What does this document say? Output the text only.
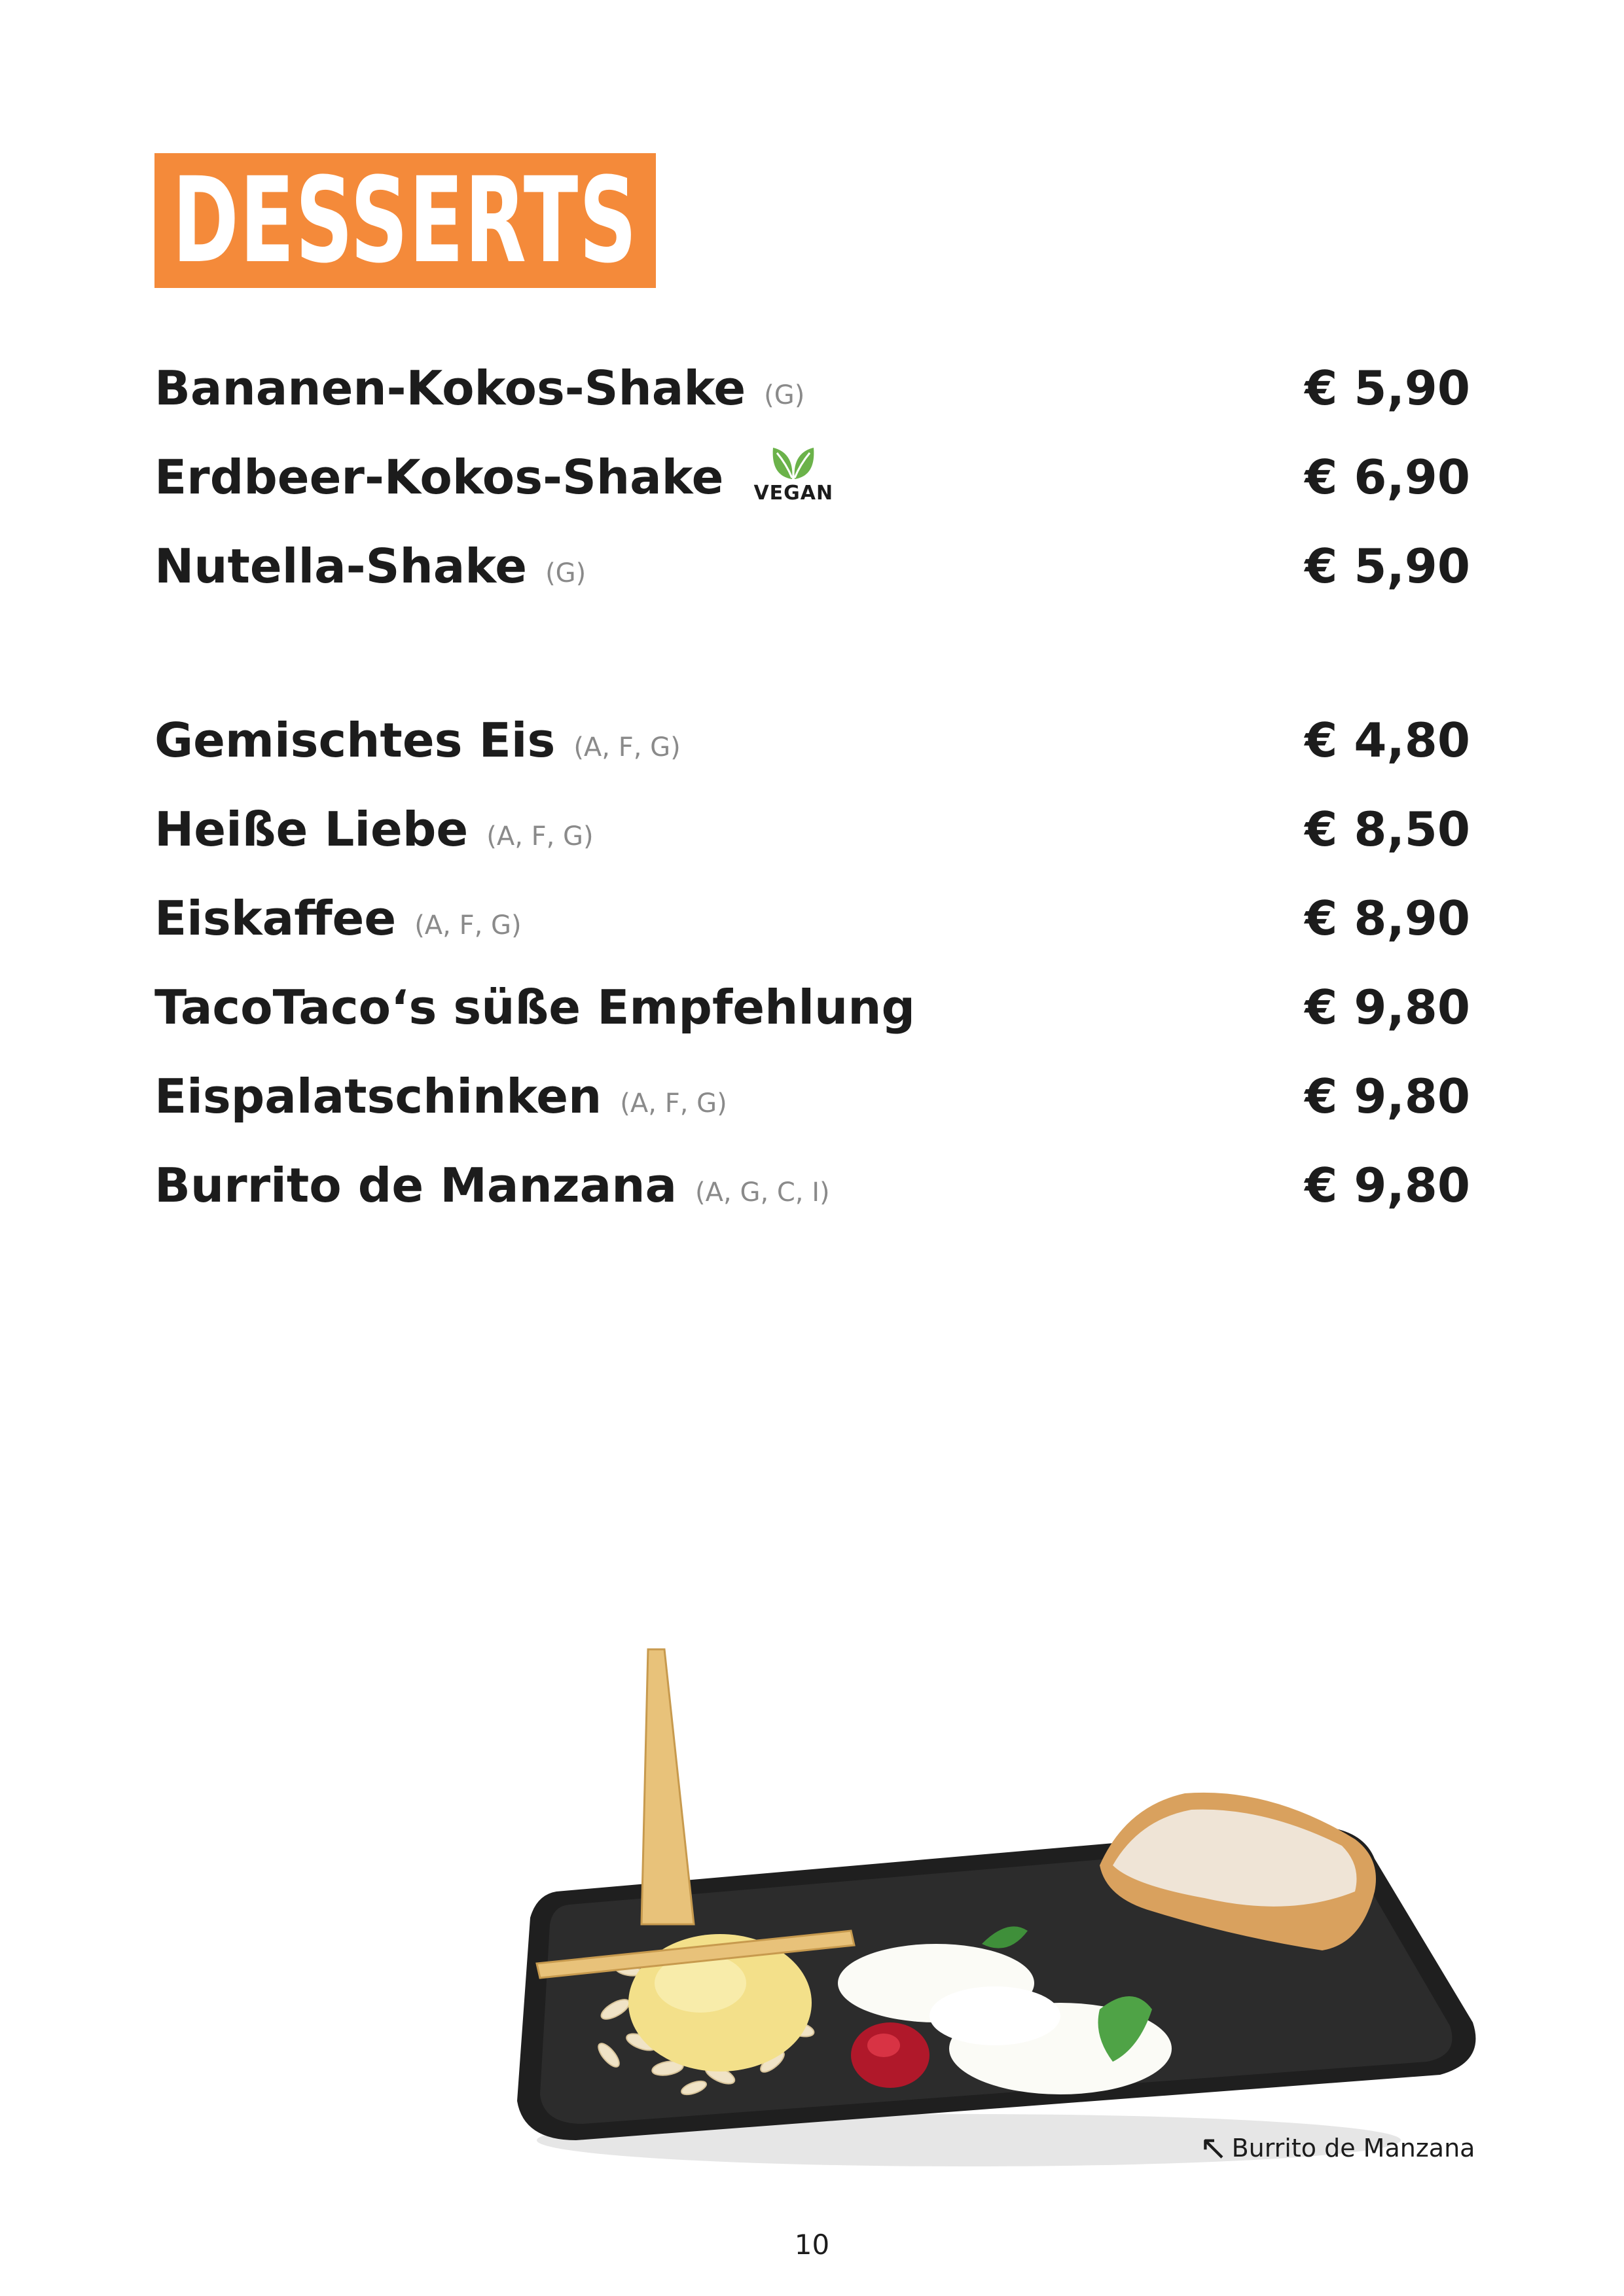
DESSERTS
Bananen-Kokos-Shake (G)	€ 5,90
Erdbeer-Kokos-Shake VEGAN	€ 6,90
Nutella-Shake (G)	€ 5,90
Gemischtes Eis (A, F, G)	€ 4,80
Heiße Liebe (A, F, G)	€ 8,50
Eiskaffee (A, F, G)	€ 8,90
TacoTaco‘s süße Empfehlung	€ 9,80
Eispalatschinken (A, F, G)	€ 9,80
Burrito de Manzana (A, G, C, I)	€ 9,80
↖ Burrito de Manzana
10
